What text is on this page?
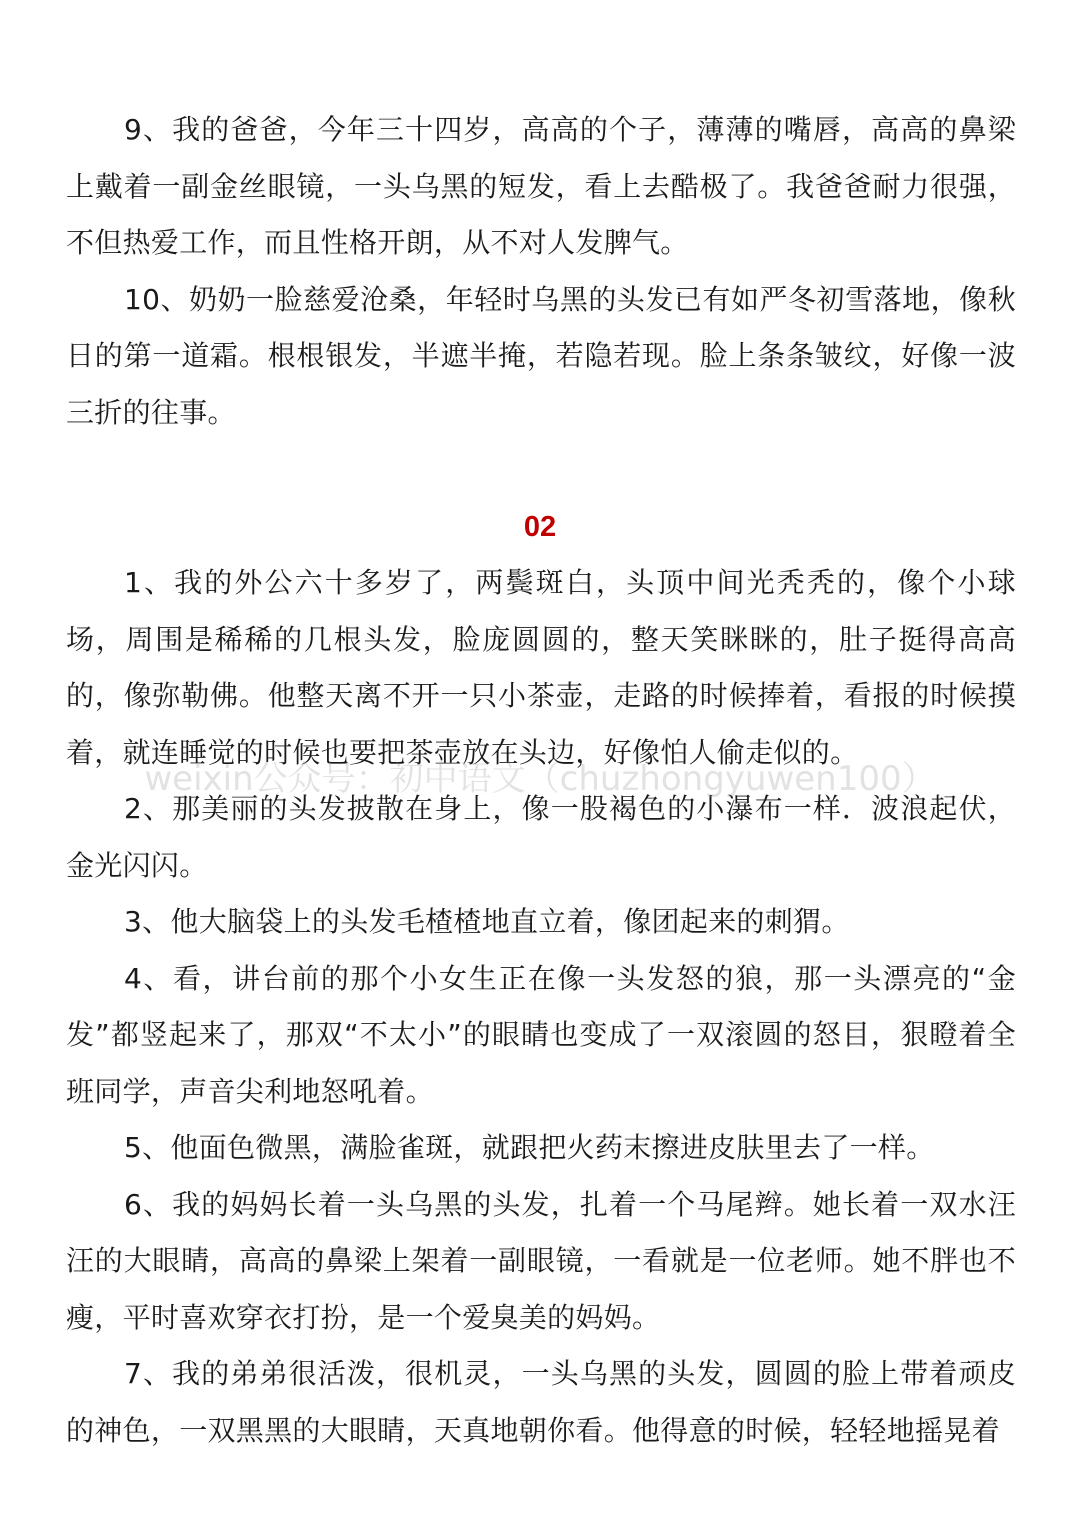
9、我的爸爸，今年三十四岁，高高的个子，薄薄的嘴唇，高高的鼻梁上戴着一副金丝眼镜，一头乌黑的短发，看上去酷极了。我爸爸耐力很强，不但热爱工作，而且性格开朗，从不对人发脾气。

10、奶奶一脸慈爱沧桑，年轻时乌黑的头发已有如严冬初雪落地，像秋日的第一道霜。根根银发，半遮半掩，若隐若现。脸上条条皱纹，好像一波三折的往事。

02

1、我的外公六十多岁了，两鬓斑白，头顶中间光秃秃的，像个小球场，周围是稀稀的几根头发，脸庞圆圆的，整天笑眯眯的，肚子挺得高高的，像弥勒佛。他整天离不开一只小茶壶，走路的时候捧着，看报的时候摸着，就连睡觉的时候也要把茶壶放在头边，好像怕人偷走似的。

2、那美丽的头发披散在身上，像一股褐色的小瀑布一样．波浪起伏，金光闪闪。

3、他大脑袋上的头发毛楂楂地直立着，像团起来的刺猬。

4、看，讲台前的那个小女生正在像一头发怒的狼，那一头漂亮的“金发”都竖起来了，那双“不太小”的眼睛也变成了一双滚圆的怒目，狠瞪着全班同学，声音尖利地怒吼着。

5、他面色微黑，满脸雀斑，就跟把火药末擦进皮肤里去了一样。

6、我的妈妈长着一头乌黑的头发，扎着一个马尾辫。她长着一双水汪汪的大眼睛，高高的鼻梁上架着一副眼镜，一看就是一位老师。她不胖也不瘦，平时喜欢穿衣打扮，是一个爱臭美的妈妈。

7、我的弟弟很活泼，很机灵，一头乌黑的头发，圆圆的脸上带着顽皮的神色，一双黑黑的大眼睛，天真地朝你看。他得意的时候，轻轻地摇晃着

weixin公众号：初中语文（chuzhongyuwen100）
